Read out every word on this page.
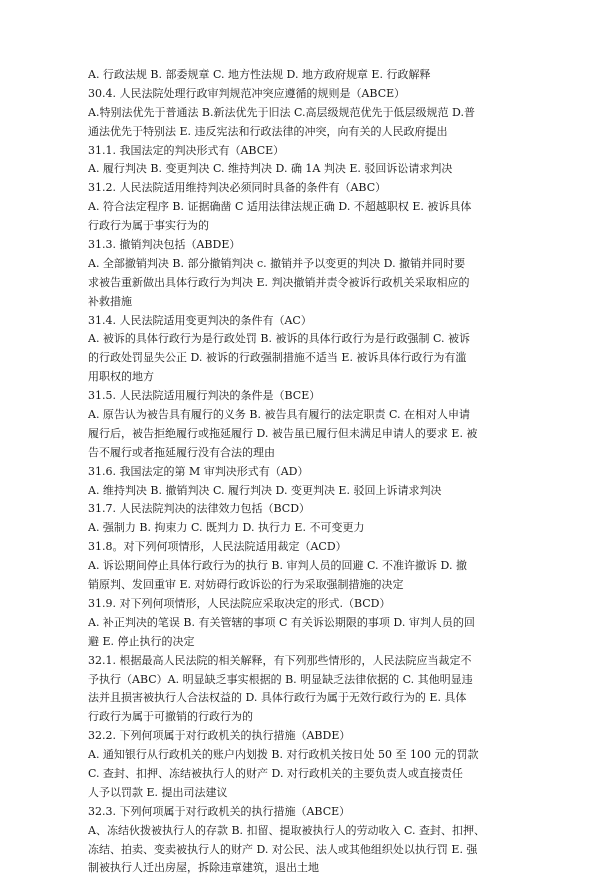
A. 行政法规 B. 部委规章 C. 地方性法规 D. 地方政府规章 E. 行政解释
30.4. 人民法院处理行政审判规范冲突应遵循的规则是（ABCE）
A.特别法优先于普通法 B.新法优先于旧法 C.高层级规范优先于低层级规范 D.普
通法优先于特别法 E. 违反宪法和行政法律的冲突，向有关的人民政府提出
31.1. 我国法定的判决形式有（ABCE）
A. 履行判决 B. 变更判决 C. 维持判决 D. 确 1A 判决 E. 驳回诉讼请求判决
31.2. 人民法院适用维持判决必须同时具备的条件有（ABC）
A. 符合法定程序 B. 证据确凿 C 适用法律法规正确 D. 不超越职权 E. 被诉具体
行政行为属于事实行为的
31.3. 撤销判决包括（ABDE）
A. 全部撤销判决 B. 部分撤销判决 c. 撤销并予以变更的判决 D. 撤销并同时要
求被告重新做出具体行政行为判决 E. 判决撤销并责令被诉行政机关采取相应的
补救措施
31.4. 人民法院适用变更判决的条件有（AC）
A. 被诉的具体行政行为是行政处罚 B. 被诉的具体行政行为是行政强制 C. 被诉
的行政处罚显失公正 D. 被诉的行政强制措施不适当 E. 被诉具体行政行为有滥
用职权的地方
31.5. 人民法院适用履行判决的条件是（BCE）
A. 原告认为被告具有履行的义务 B. 被告具有履行的法定职责 C. 在相对人申请
履行后，被告拒绝履行或拖延履行 D. 被告虽已履行但未满足申请人的要求 E. 被
告不履行或者拖延履行没有合法的理由
31.6. 我国法定的第 M 审判决形式有（AD）
A. 维持判决 B. 撤销判决 C. 履行判决 D. 变更判决 E. 驳回上诉请求判决
31.7. 人民法院判决的法律效力包括（BCD）
A. 强制力 B. 拘束力 C. 既判力 D. 执行力 E. 不可变更力
31.8。对下列何项情形，人民法院适用裁定（ACD）
A. 诉讼期间停止具体行政行为的执行 B. 审判人员的回避 C. 不准许撤诉 D. 撤
销原判、发回重审 E. 对妨碍行政诉讼的行为采取强制措施的决定
31.9. 对下列何项情形，人民法院应采取决定的形式.（BCD）
A. 补正判决的笔误 B. 有关管辖的事项 C 有关诉讼期限的事项 D. 审判人员的回
避 E. 停止执行的决定
32.1. 根据最高人民法院的相关解释，有下列那些情形的，人民法院应当裁定不
予执行（ABC）A. 明显缺乏事实根据的 B. 明显缺乏法律依据的 C. 其他明显违
法并且损害被执行人合法权益的 D. 具体行政行为属于无效行政行为的 E. 具体
行政行为属于可撤销的行政行为的
32.2. 下列何项属于对行政机关的执行措施（ABDE）
A. 通知银行从行政机关的账户内划拨 B. 对行政机关按日处 50 至 100 元的罚款
C. 查封、扣押、冻结被执行人的财产 D. 对行政机关的主要负责人或直接责任
人予以罚款 E. 提出司法建议
32.3. 下列何项属于对行政机关的执行措施（ABCE）
A、冻结伙拨被执行人的存款 B. 扣留、提取被执行人的劳动收入 C. 查封、扣押、
冻结、拍卖、变卖被执行人的财产 D. 对公民、法人或其他组织处以执行罚 E. 强
制被执行人迁出房屋，拆除违章建筑，退出土地
